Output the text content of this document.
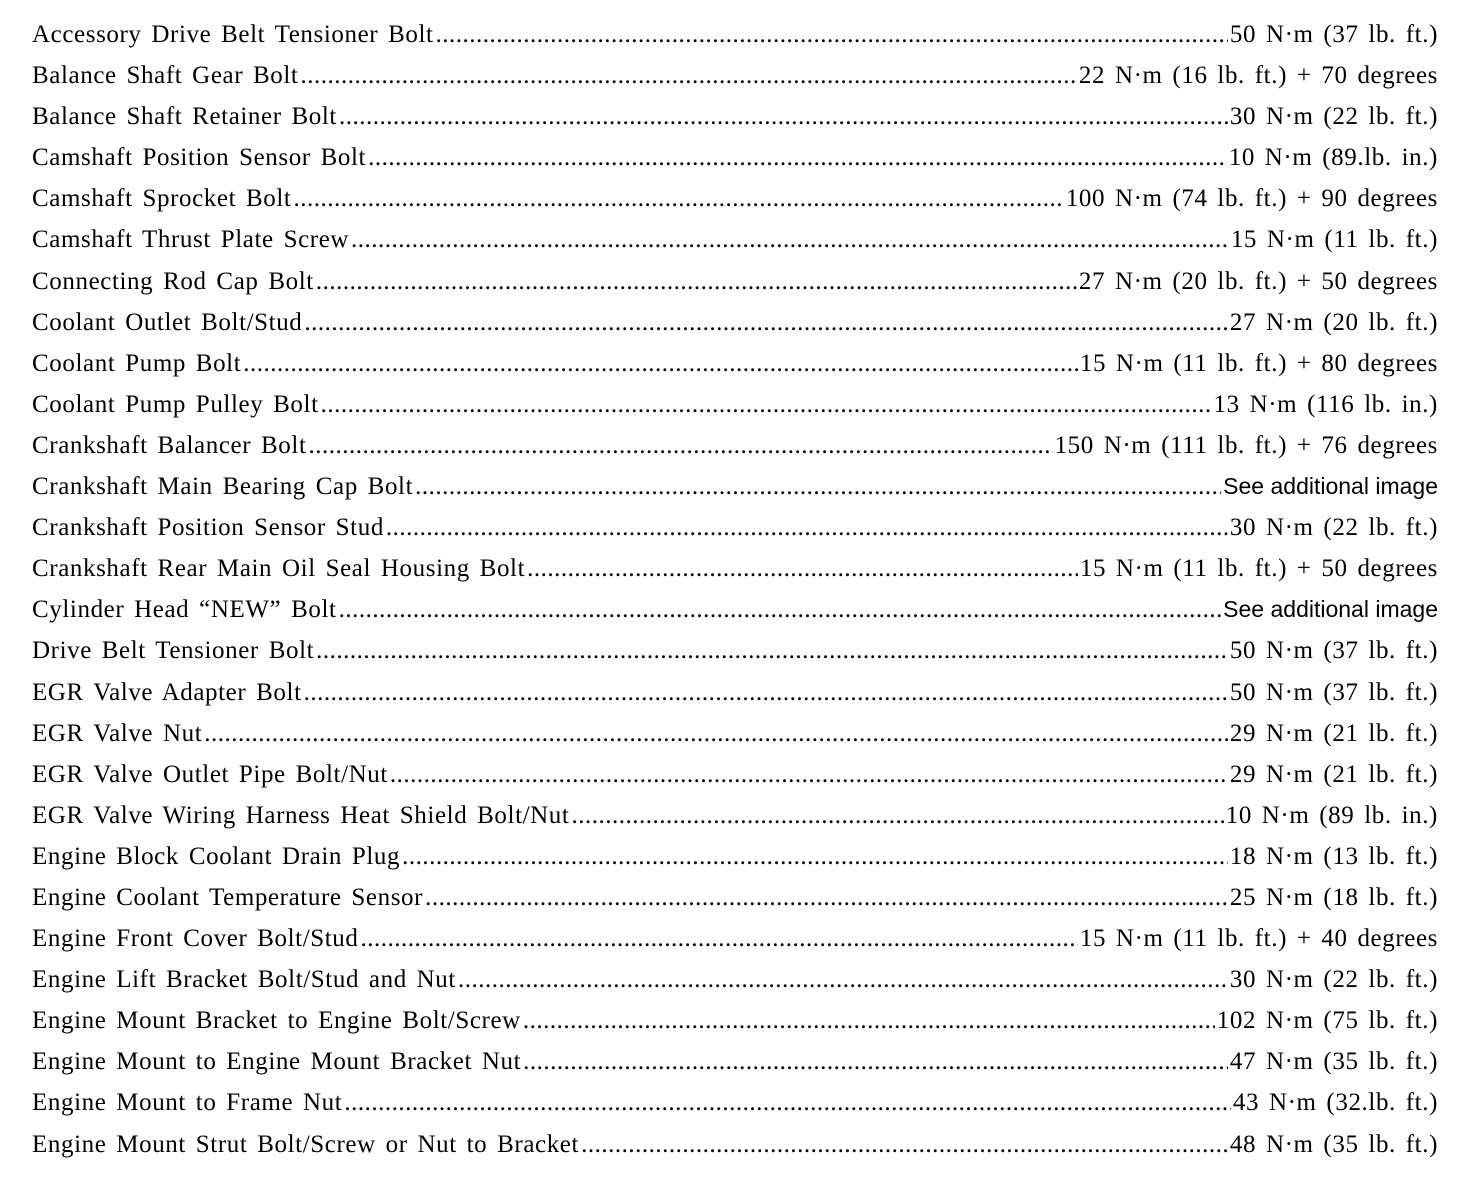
Accessory Drive Belt Tensioner Bolt .....	50 N·m (37 lb. ft.)
Balance Shaft Gear Bolt .....	22 N·m (16 lb. ft.) + 70 degrees
Balance Shaft Retainer Bolt .....	30 N·m (22 lb. ft.)
Camshaft Position Sensor Bolt .....	10 N·m (89.lb. in.)
Camshaft Sprocket Bolt .....	100 N·m (74 lb. ft.) + 90 degrees
Camshaft Thrust Plate Screw .....	15 N·m (11 lb. ft.)
Connecting Rod Cap Bolt .....	27 N·m (20 lb. ft.) + 50 degrees
Coolant Outlet Bolt/Stud .....	27 N·m (20 lb. ft.)
Coolant Pump Bolt .....	15 N·m (11 lb. ft.) + 80 degrees
Coolant Pump Pulley Bolt .....	13 N·m (116 lb. in.)
Crankshaft Balancer Bolt .....	150 N·m (111 lb. ft.) + 76 degrees
Crankshaft Main Bearing Cap Bolt .....	See additional image
Crankshaft Position Sensor Stud .....	30 N·m (22 lb. ft.)
Crankshaft Rear Main Oil Seal Housing Bolt .....	15 N·m (11 lb. ft.) + 50 degrees
Cylinder Head “NEW” Bolt .....	See additional image
Drive Belt Tensioner Bolt .....	50 N·m (37 lb. ft.)
EGR Valve Adapter Bolt .....	50 N·m (37 lb. ft.)
EGR Valve Nut .....	29 N·m (21 lb. ft.)
EGR Valve Outlet Pipe Bolt/Nut .....	29 N·m (21 lb. ft.)
EGR Valve Wiring Harness Heat Shield Bolt/Nut .....	10 N·m (89 lb. in.)
Engine Block Coolant Drain Plug .....	18 N·m (13 lb. ft.)
Engine Coolant Temperature Sensor .....	25 N·m (18 lb. ft.)
Engine Front Cover Bolt/Stud .....	15 N·m (11 lb. ft.) + 40 degrees
Engine Lift Bracket Bolt/Stud and Nut .....	30 N·m (22 lb. ft.)
Engine Mount Bracket to Engine Bolt/Screw .....	102 N·m (75 lb. ft.)
Engine Mount to Engine Mount Bracket Nut .....	47 N·m (35 lb. ft.)
Engine Mount to Frame Nut .....	43 N·m (32.lb. ft.)
Engine Mount Strut Bolt/Screw or Nut to Bracket .....	48 N·m (35 lb. ft.)
